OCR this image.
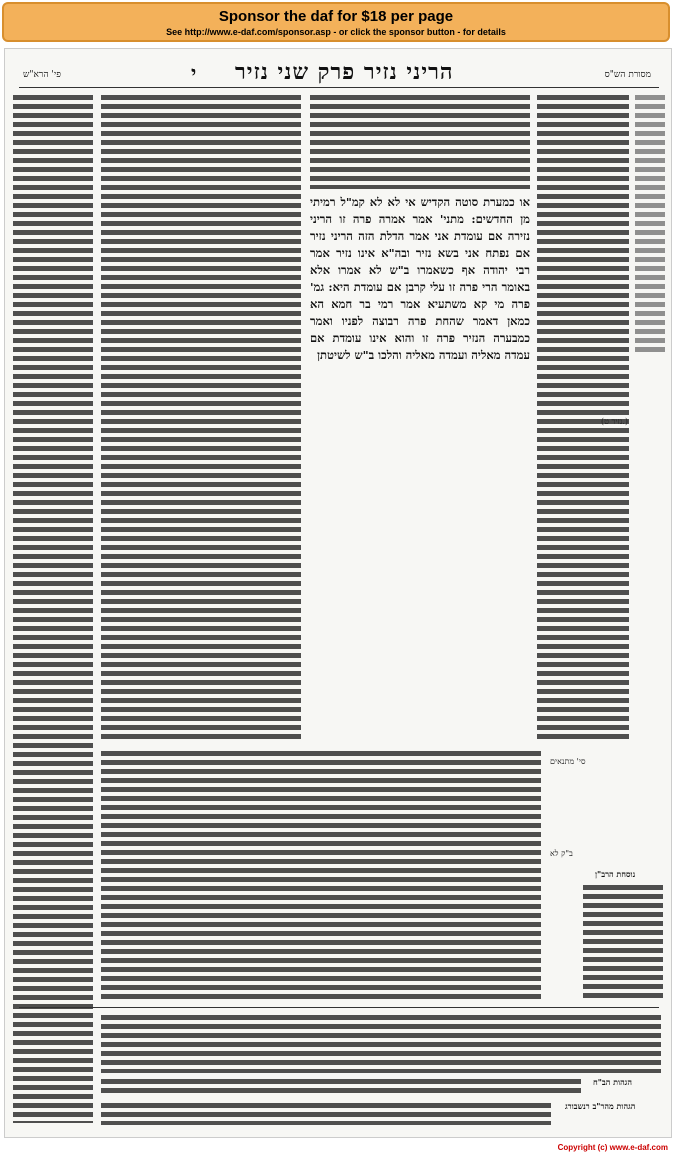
Sponsor the daf for $18 per page
See http://www.e-daf.com/sponsor.asp - or click the sponsor button - for details
פי' הרא"ש	י הריני נזיר פרק שני נזיר	מסורת הש"ס
או כמערת סוטה הקדיש אי לא לא קמ"ל רמיתי מן החדשים: מתני' אמר אמרה פרה זו הריני נזירה אם עומדת אני אמר הדלת הזה הריני נזיר אם נפתח אני בשא נזיר ובה"א אינו נזיר אמר רבי יהודה אף כשאמרו ב"ש לא אמרו אלא באומר הרי פרה זו עלי קרבן אם עומדת היא: גמ' פרה מי קא משתעיא אמר רמי בר חמא הא כמאן דאמר שהחת פרה רבוצה לפניו ואמר כמבערה הנזיר פרה זו והוא אינו עומדת אם עמדה מאליה ועמדה מאליה והלכו ב"ש לשיטתן
(נזיר ט.)
סי' מתנאים
ב"ק לא
נוסחת הרב"ן
הגהות הב"ח
הגהות מהר"ב רנשבורג
Copyright (c) www.e-daf.com
